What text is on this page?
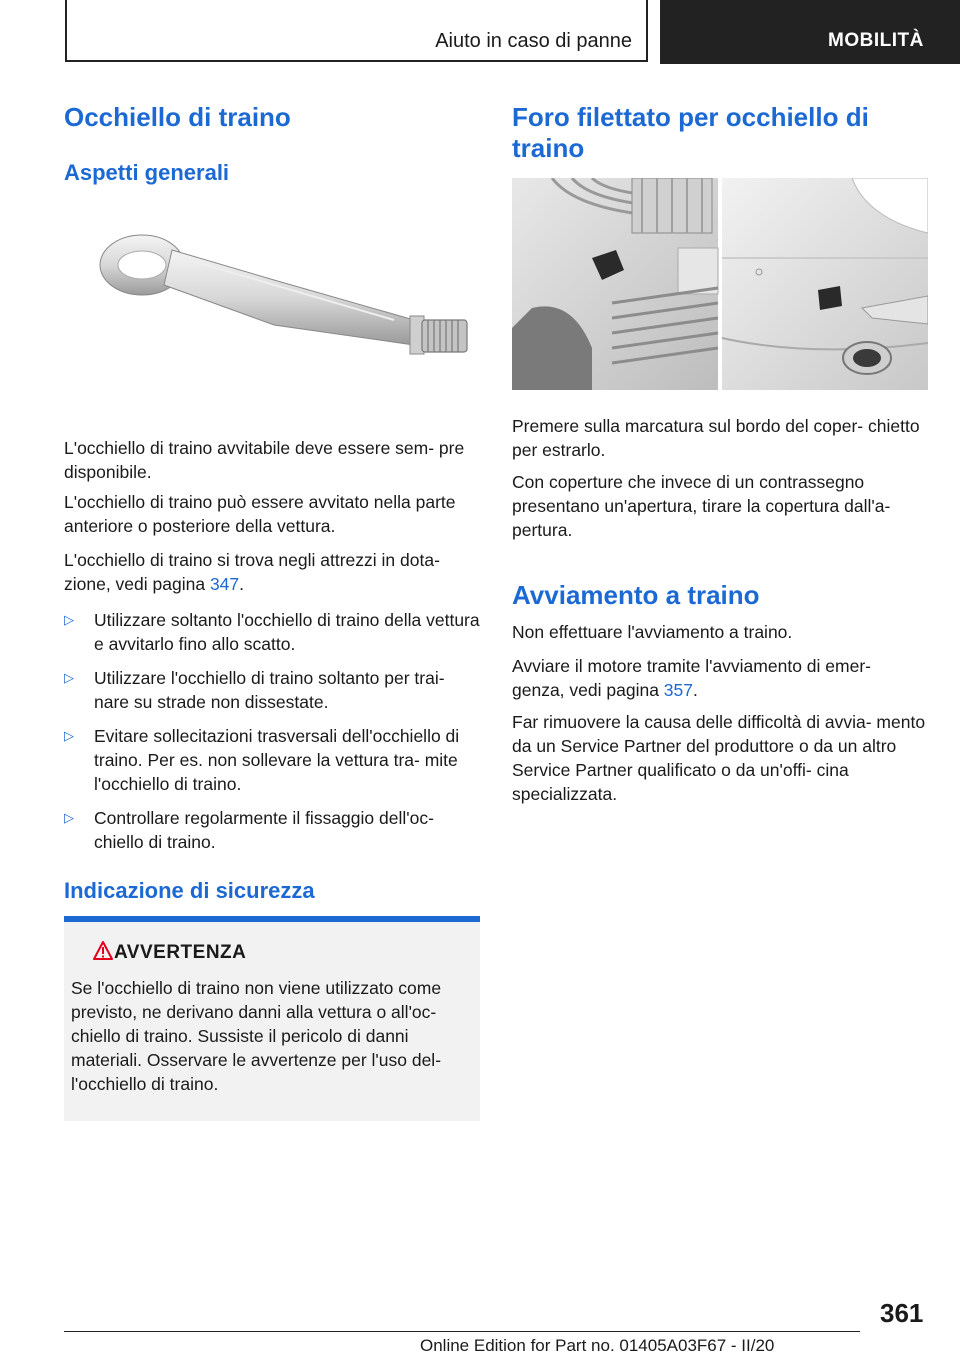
Aiuto in caso di panne	MOBILITÀ
Occhiello di traino
Aspetti generali

L'occhiello di traino avvitabile deve essere sem‐ pre disponibile.

L'occhiello di traino può essere avvitato nella parte anteriore o posteriore della vettura.

L'occhiello di traino si trova negli attrezzi in dota‐ zione, vedi pagina 347.

▷	Utilizzare soltanto l'occhiello di traino della vettura e avvitarlo fino allo scatto.
▷	Utilizzare l'occhiello di traino soltanto per trai‐ nare su strade non dissestate.
▷	Evitare sollecitazioni trasversali dell'occhiello di traino. Per es. non sollevare la vettura tra‐ mite l'occhiello di traino.
▷	Controllare regolarmente il fissaggio dell'oc‐ chiello di traino.
Indicazione di sicurezza
AVVERTENZA

Se l'occhiello di traino non viene utilizzato come previsto, ne derivano danni alla vettura o all'oc‐ chiello di traino. Sussiste il pericolo di danni materiali. Osservare le avvertenze per l'uso del‐ l'occhiello di traino.

Foro filettato per occhiello di traino

Premere sulla marcatura sul bordo del coper‐ chietto per estrarlo.

Con coperture che invece di un contrassegno presentano un'apertura, tirare la copertura dall'a‐ pertura.

Avviamento a traino

Non effettuare l'avviamento a traino.

Avviare il motore tramite l'avviamento di emer‐ genza, vedi pagina 357.

Far rimuovere la causa delle difficoltà di avvia‐ mento da un Service Partner del produttore o da un altro Service Partner qualificato o da un'offi‐ cina specializzata.

361
Online Edition for Part no. 01405A03F67 - II/20
